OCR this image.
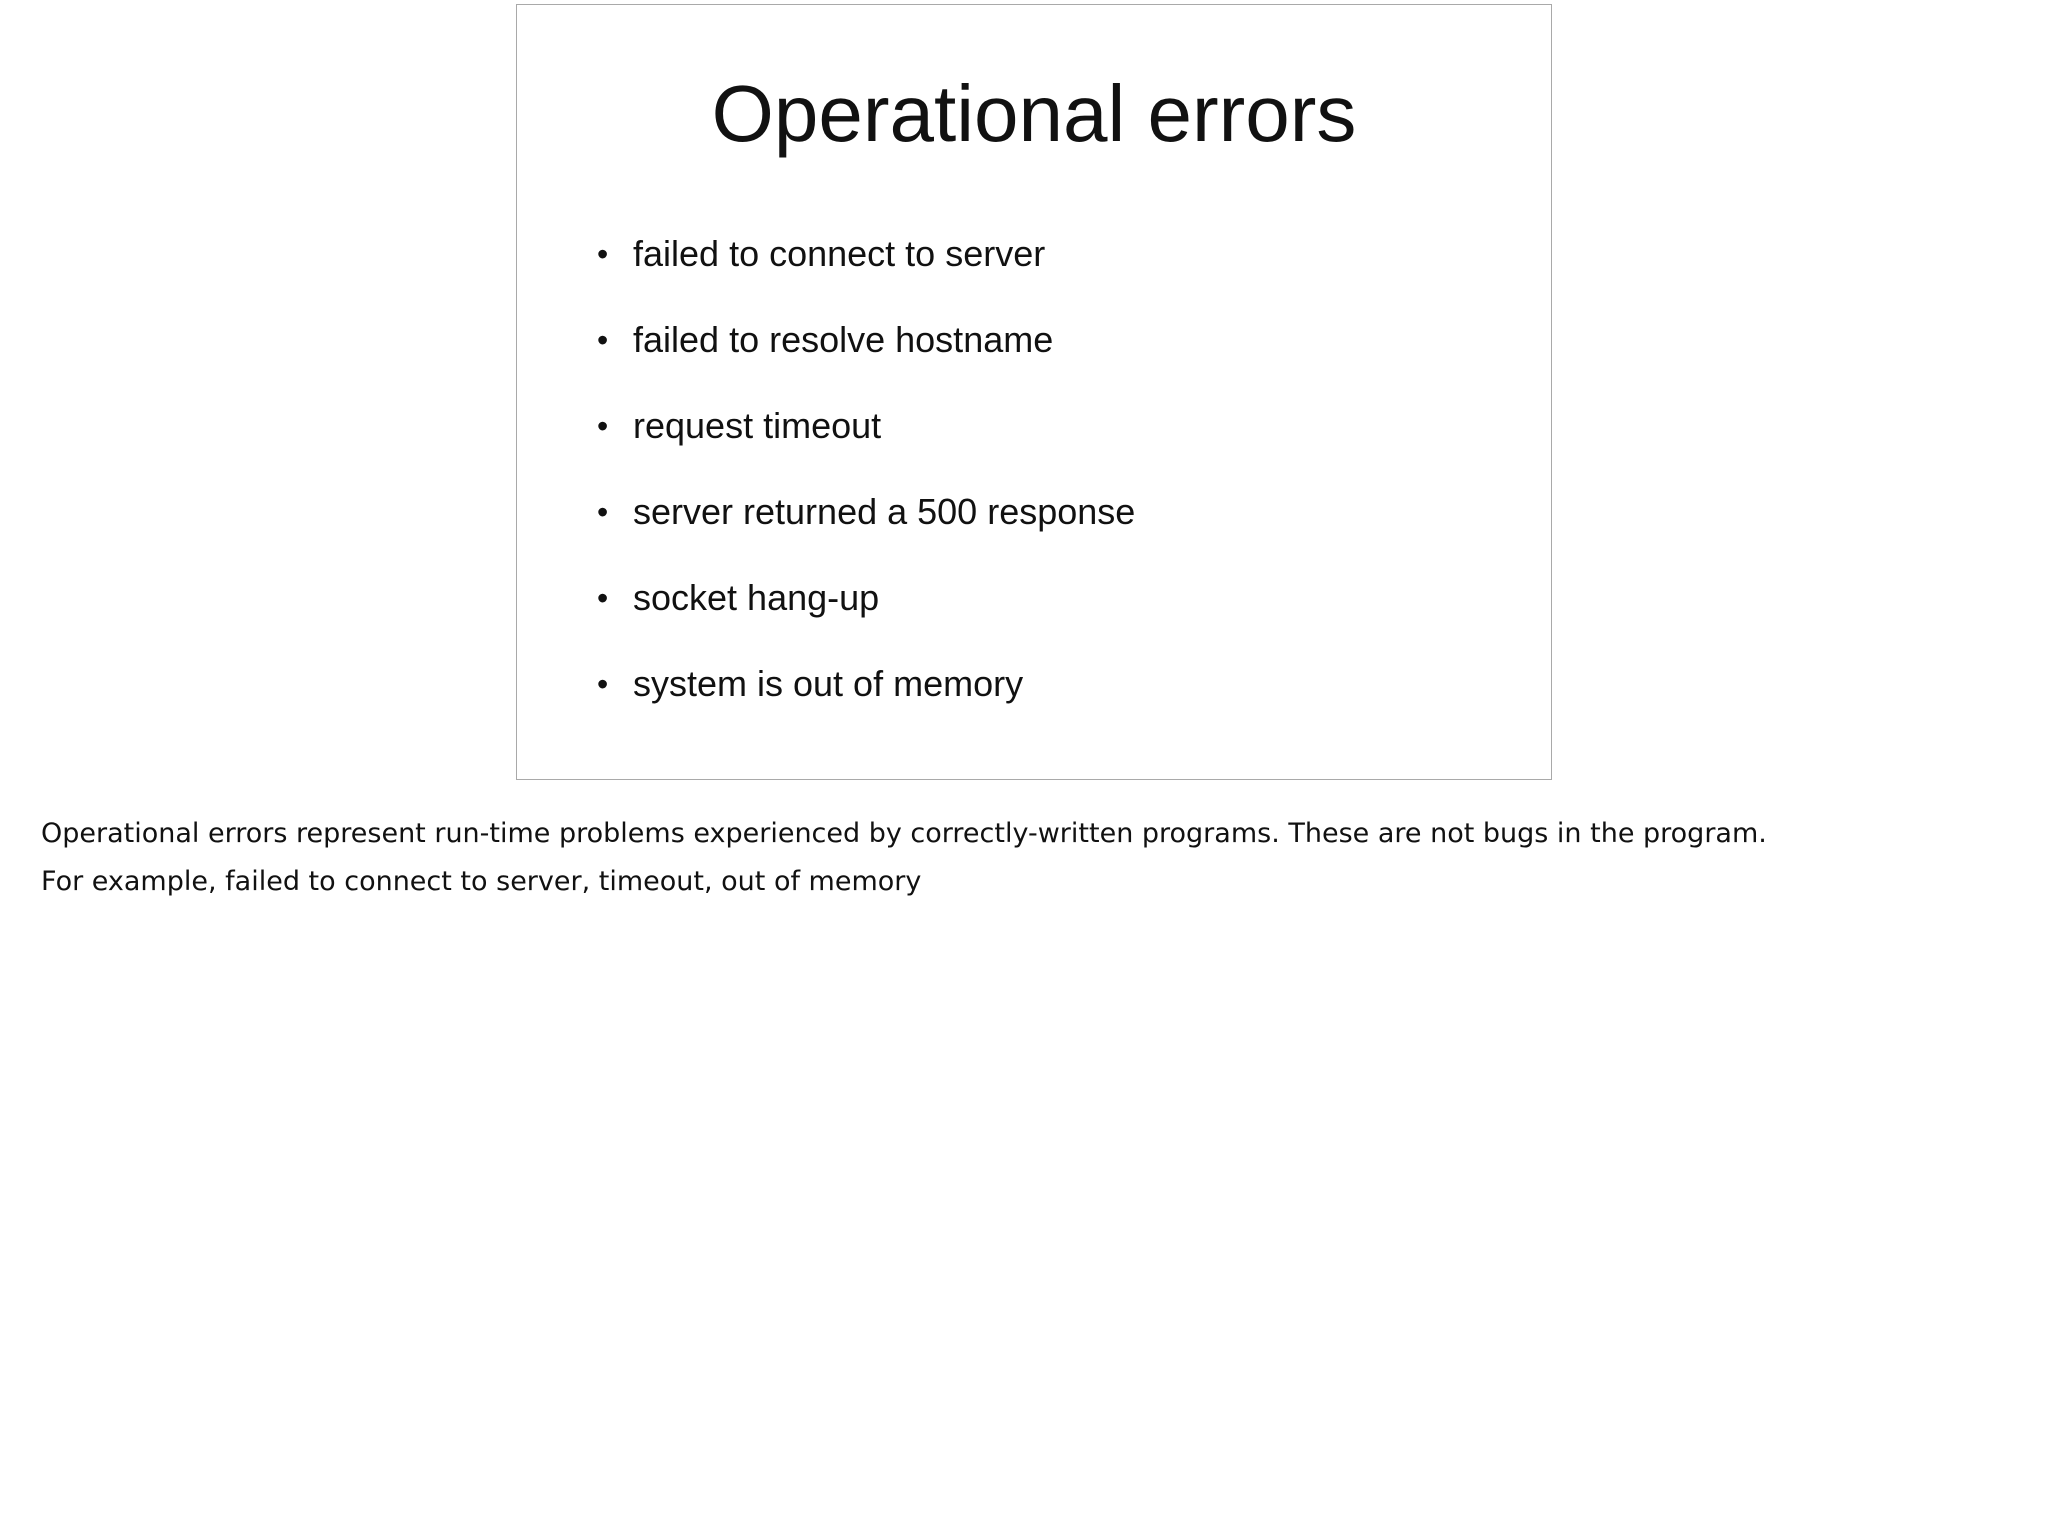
Operational errors
• failed to connect to server
• failed to resolve hostname
• request timeout
• server returned a 500 response
• socket hang-up
• system is out of memory

Operational errors represent run-time problems experienced by correctly-written programs. These are not bugs in the program.

For example, failed to connect to server, timeout, out of memory
